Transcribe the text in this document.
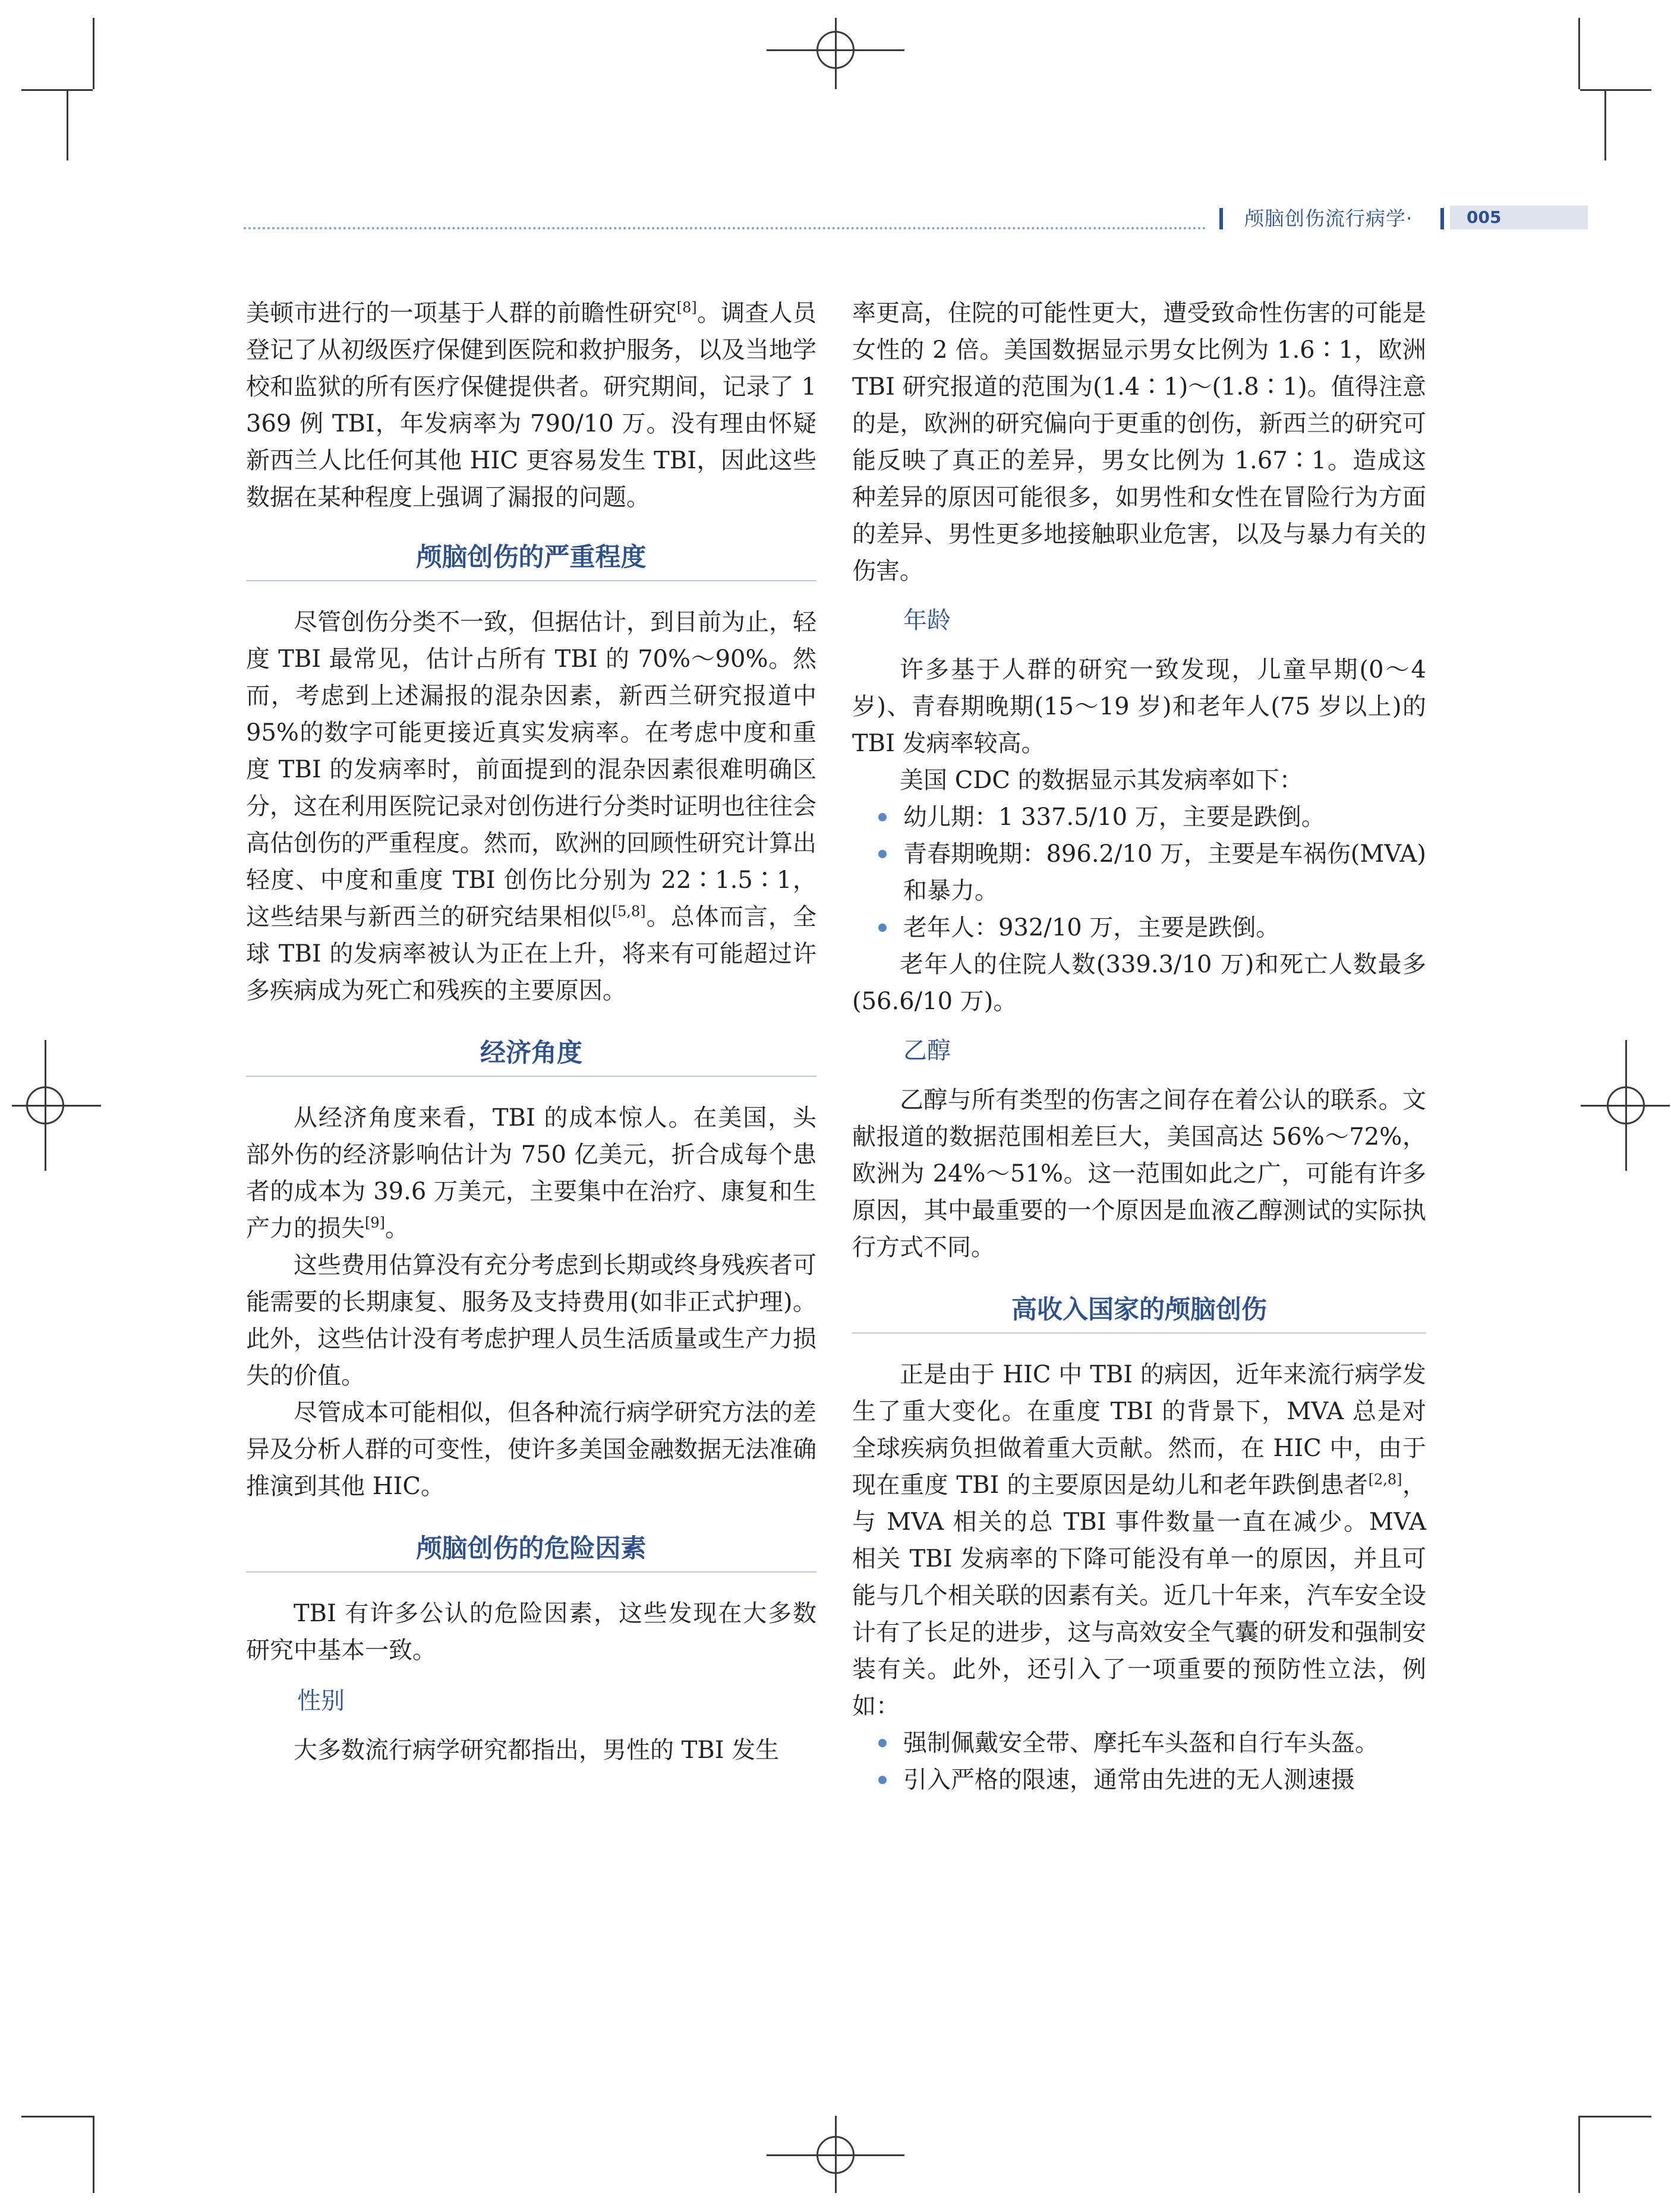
颅脑创伤流行病学·	005

美顿市进行的一项基于人群的前瞻性研究[8]。调查人员登记了从初级医疗保健到医院和救护服务，以及当地学校和监狱的所有医疗保健提供者。研究期间，记录了 1 369 例 TBI，年发病率为 790/10 万。没有理由怀疑新西兰人比任何其他 HIC 更容易发生 TBI，因此这些数据在某种程度上强调了漏报的问题。

颅脑创伤的严重程度

尽管创伤分类不一致，但据估计，到目前为止，轻度 TBI 最常见，估计占所有 TBI 的 70%～90%。然而，考虑到上述漏报的混杂因素，新西兰研究报道中 95%的数字可能更接近真实发病率。在考虑中度和重度 TBI 的发病率时，前面提到的混杂因素很难明确区分，这在利用医院记录对创伤进行分类时证明也往往会高估创伤的严重程度。然而，欧洲的回顾性研究计算出轻度、中度和重度 TBI 创伤比分别为 22∶1.5∶1，这些结果与新西兰的研究结果相似[5,8]。总体而言，全球 TBI 的发病率被认为正在上升，将来有可能超过许多疾病成为死亡和残疾的主要原因。

经济角度

从经济角度来看，TBI 的成本惊人。在美国，头部外伤的经济影响估计为 750 亿美元，折合成每个患者的成本为 39.6 万美元，主要集中在治疗、康复和生产力的损失[9]。

这些费用估算没有充分考虑到长期或终身残疾者可能需要的长期康复、服务及支持费用(如非正式护理)。此外，这些估计没有考虑护理人员生活质量或生产力损失的价值。

尽管成本可能相似，但各种流行病学研究方法的差异及分析人群的可变性，使许多美国金融数据无法准确推演到其他 HIC。

颅脑创伤的危险因素

TBI 有许多公认的危险因素，这些发现在大多数研究中基本一致。

性别

大多数流行病学研究都指出，男性的 TBI 发生

率更高，住院的可能性更大，遭受致命性伤害的可能是女性的 2 倍。美国数据显示男女比例为 1.6∶1，欧洲 TBI 研究报道的范围为(1.4∶1)～(1.8∶1)。值得注意的是，欧洲的研究偏向于更重的创伤，新西兰的研究可能反映了真正的差异，男女比例为 1.67∶1。造成这种差异的原因可能很多，如男性和女性在冒险行为方面的差异、男性更多地接触职业危害，以及与暴力有关的伤害。

年龄

许多基于人群的研究一致发现，儿童早期(0～4 岁)、青春期晚期(15～19 岁)和老年人(75 岁以上)的 TBI 发病率较高。

美国 CDC 的数据显示其发病率如下：

幼儿期：1 337.5/10 万，主要是跌倒。
青春期晚期：896.2/10 万，主要是车祸伤(MVA)和暴力。
老年人：932/10 万，主要是跌倒。

老年人的住院人数(339.3/10 万)和死亡人数最多(56.6/10 万)。

乙醇

乙醇与所有类型的伤害之间存在着公认的联系。文献报道的数据范围相差巨大，美国高达 56%～72%，欧洲为 24%～51%。这一范围如此之广，可能有许多原因，其中最重要的一个原因是血液乙醇测试的实际执行方式不同。

高收入国家的颅脑创伤

正是由于 HIC 中 TBI 的病因，近年来流行病学发生了重大变化。在重度 TBI 的背景下，MVA 总是对全球疾病负担做着重大贡献。然而，在 HIC 中，由于现在重度 TBI 的主要原因是幼儿和老年跌倒患者[2,8]，与 MVA 相关的总 TBI 事件数量一直在减少。MVA 相关 TBI 发病率的下降可能没有单一的原因，并且可能与几个相关联的因素有关。近几十年来，汽车安全设计有了长足的进步，这与高效安全气囊的研发和强制安装有关。此外，还引入了一项重要的预防性立法，例如：

强制佩戴安全带、摩托车头盔和自行车头盔。
引入严格的限速，通常由先进的无人测速摄
